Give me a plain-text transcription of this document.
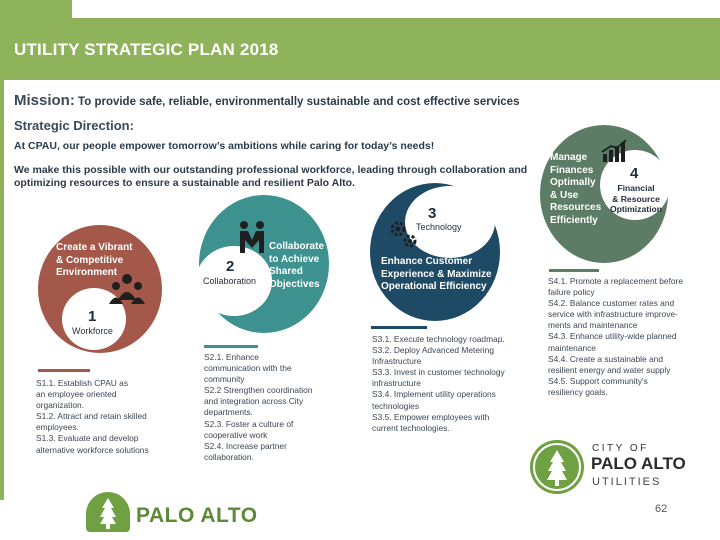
UTILITY STRATEGIC PLAN 2018
Mission: To provide safe, reliable, environmentally sustainable and cost effective services
Strategic Direction:
At CPAU, our people empower tomorrow’s ambitions while caring for today’s needs!
We make this possible with our outstanding professional workforce, leading through collaboration and
optimizing resources to ensure a sustainable and resilient Palo Alto.
Create a Vibrant
& Competitive
Environment
1
Workforce
Collaborate
to Achieve
Shared
Objectives
2
Collaboration
3
Technology
Enhance Customer
Experience & Maximize
Operational Efficiency
Manage
Finances
Optimally
& Use
Resources
Efficiently
4
Financial
& Resource
Optimization

S1.1. Establish CPAU as

an employee oriented

organization.

S1.2. Attract and retain skilled

employees.

S1.3. Evaluate and develop

alternative workforce solutions

S2.1. Enhance

communication with the

community

S2.2 Strengthen coordination

and integration across City

departments.

S2.3. Foster a culture of

cooperative work

S2.4. Increase partner

collaboration.

S3.1. Execute technology roadmap.

S3.2. Deploy Advanced Metering

Infrastructure

S3.3. Invest in customer technology

infrastructure

S3.4. Implement utility operations

technologies

S3.5. Empower employees with

current technologies.

S4.1. Promote a replacement before

failure policy

S4.2. Balance customer rates and

service with infrastructure improve-

ments and maintenance

S4.3. Enhance utility-wide planned

maintenance

S4.4. Create a sustainable and

resilient energy and water supply

S4.5. Support community's

resiliency goals.

CITY OF
PALO ALTO
UTILITIES
PALO ALTO	62
